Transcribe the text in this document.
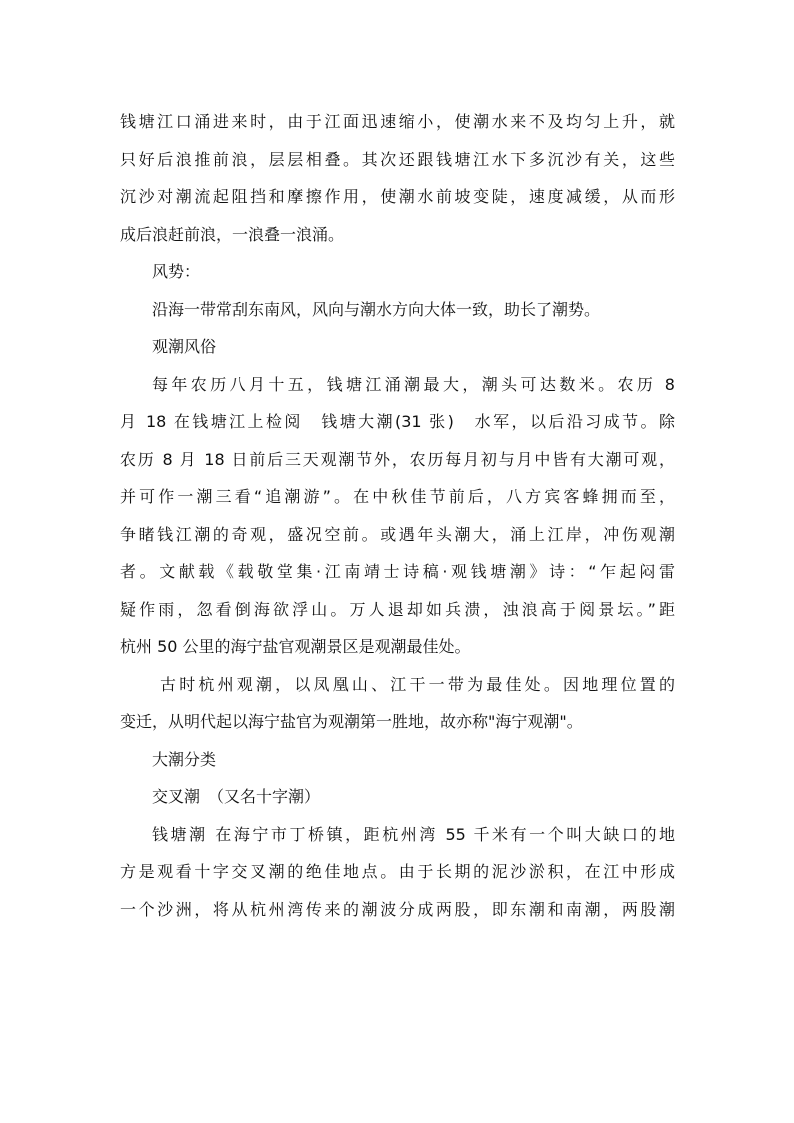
钱塘江口涌进来时，由于江面迅速缩小，使潮水来不及均匀上升，就
只好后浪推前浪，层层相叠。其次还跟钱塘江水下多沉沙有关，这些
沉沙对潮流起阻挡和摩擦作用，使潮水前坡变陡，速度减缓，从而形
成后浪赶前浪，一浪叠一浪涌。
风势：
沿海一带常刮东南风，风向与潮水方向大体一致，助长了潮势。
观潮风俗
每年农历八月十五，钱塘江涌潮最大，潮头可达数米。农历 8
月 18 在钱塘江上检阅　钱塘大潮(31 张)　水军，以后沿习成节。除
农历 8 月 18 日前后三天观潮节外，农历每月初与月中皆有大潮可观，
并可作一潮三看“追潮游”。在中秋佳节前后，八方宾客蜂拥而至，
争睹钱江潮的奇观，盛况空前。或遇年头潮大，涌上江岸，冲伤观潮
者。文献载《载敬堂集·江南靖士诗稿·观钱塘潮》诗：“乍起闷雷
疑作雨，忽看倒海欲浮山。万人退却如兵溃，浊浪高于阅景坛。”距
杭州 50 公里的海宁盐官观潮景区是观潮最佳处。
古时杭州观潮，以凤凰山、江干一带为最佳处。因地理位置的
变迁，从明代起以海宁盐官为观潮第一胜地，故亦称"海宁观潮"。
大潮分类
交叉潮　（又名十字潮）
钱塘潮 在海宁市丁桥镇，距杭州湾 55 千米有一个叫大缺口的地
方是观看十字交叉潮的绝佳地点。由于长期的泥沙淤积，在江中形成
一个沙洲，将从杭州湾传来的潮波分成两股，即东潮和南潮，两股潮
